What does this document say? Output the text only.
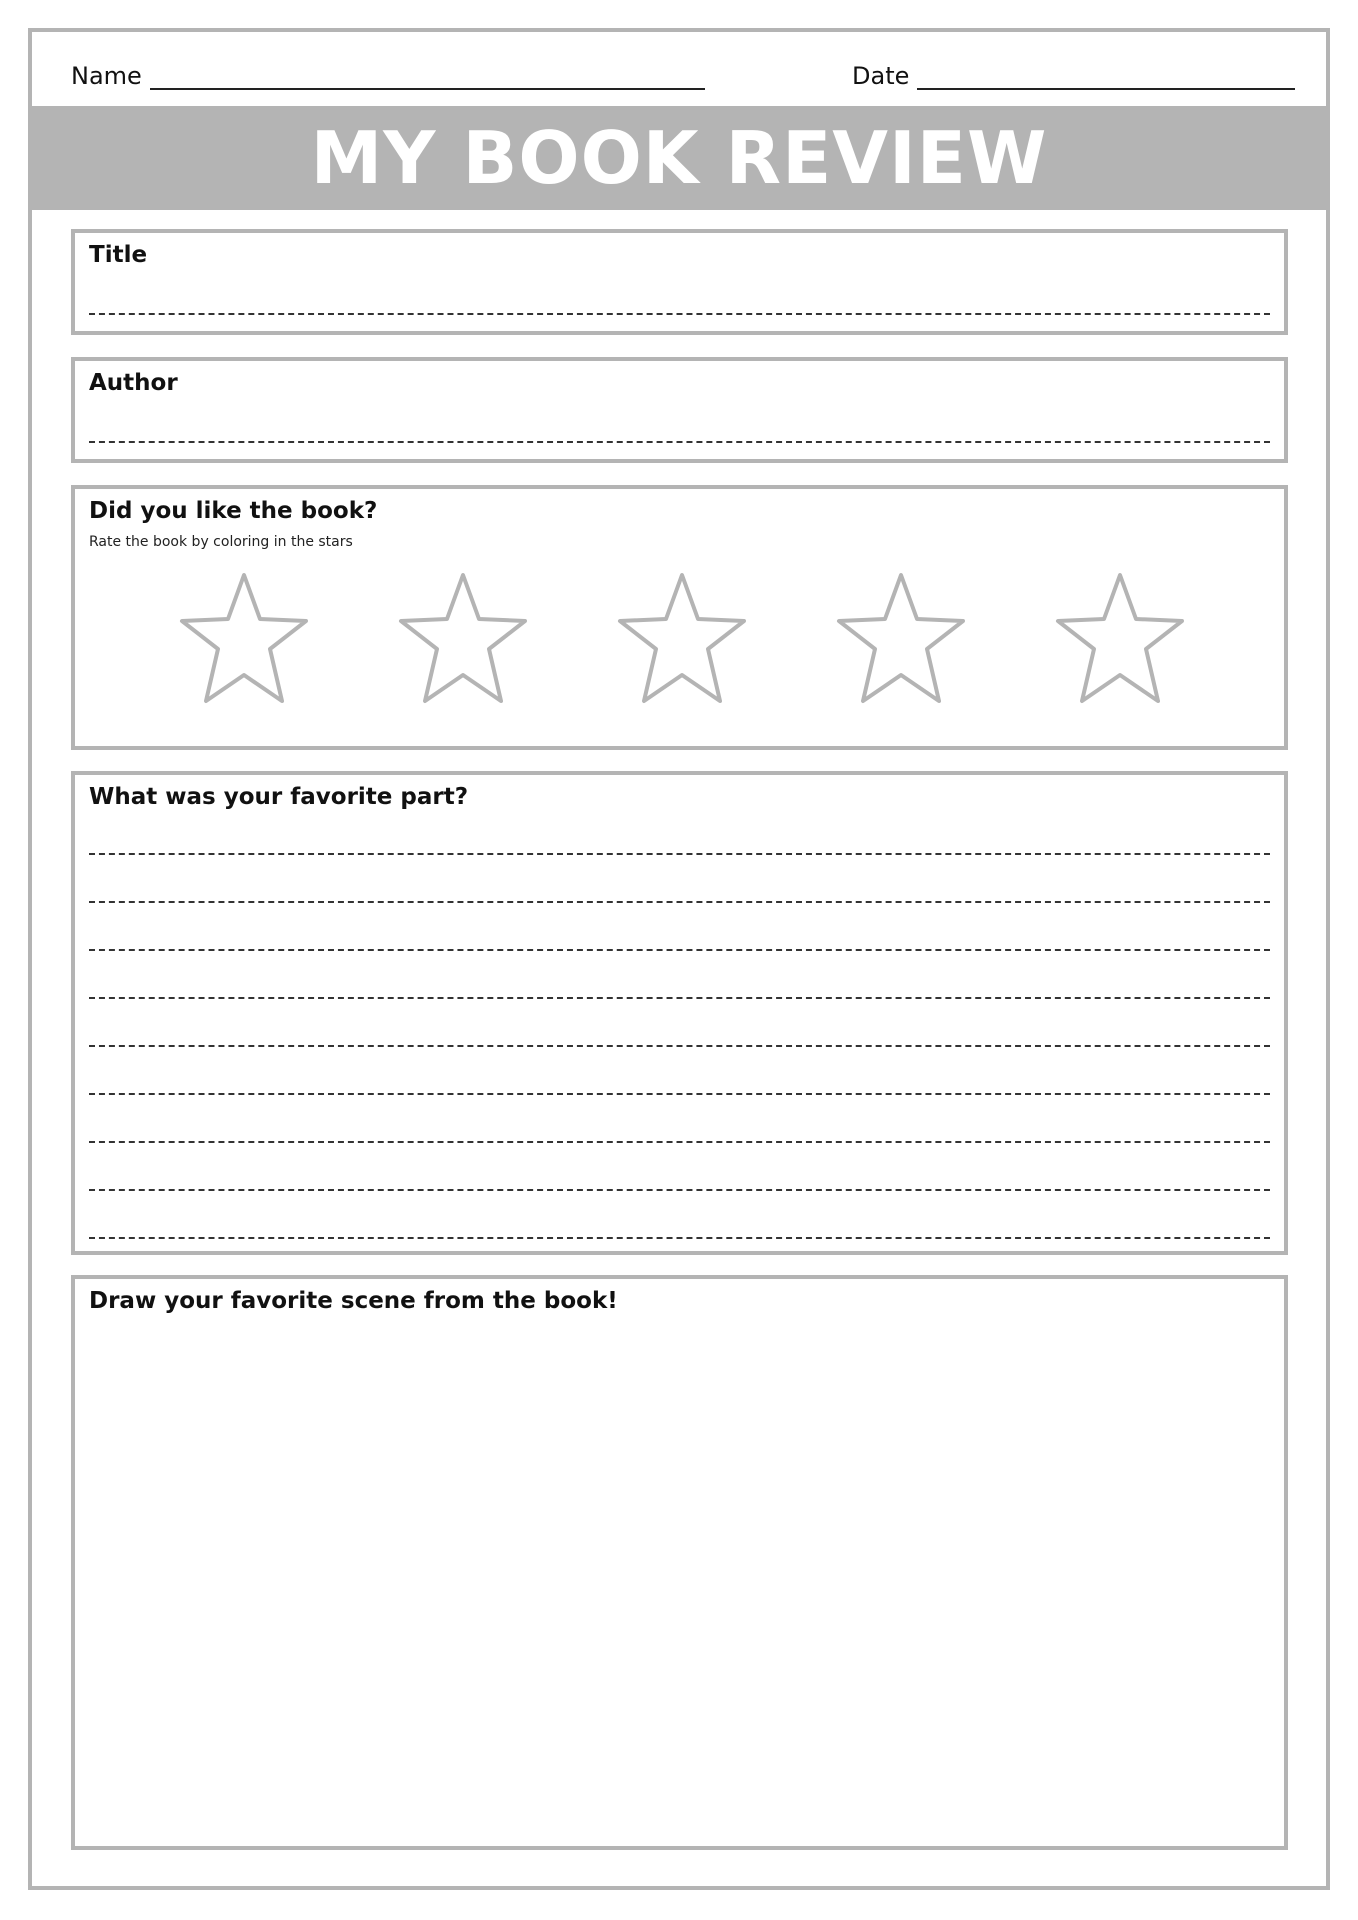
Name	Date
MY BOOK REVIEW
Title
Author
Did you like the book?
Rate the book by coloring in the stars
What was your favorite part?
Draw your favorite scene from the book!
